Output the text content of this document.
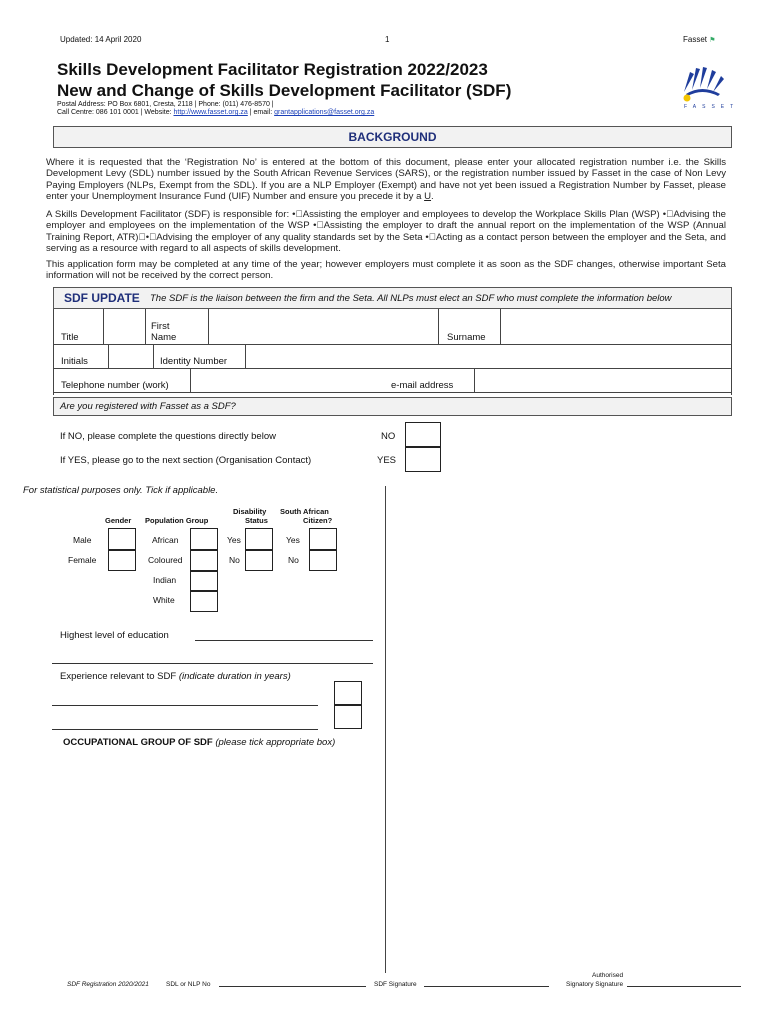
Updated: 14 April 2020	1	Fasset ⚑
Skills Development Facilitator Registration 2022/2023
New and Change of Skills Development Facilitator (SDF)
Postal Address: PO Box 6801, Cresta, 2118 | Phone: (011) 476-8570 |
Call Centre: 086 101 0001 | Website: http://www.fasset.org.za | email: grantapplications@fasset.org.za
FASSET
BACKGROUND
Where it is requested that the ‘Registration No’ is entered at the bottom of this document, please enter your allocated registration number i.e. the Skills Development Levy (SDL) number issued by the South African Revenue Services (SARS), or the registration number issued by Fasset in the case of Non Levy Paying Employers (NLPs, Exempt from the SDL). If you are a NLP Employer (Exempt) and have not yet been issued a Registration Number by Fasset, please enter your Unemployment Insurance Fund (UIF) Number and ensure you precede it by a U.
A Skills Development Facilitator (SDF) is responsible for: • Assisting the employer and employees to develop the Workplace Skills Plan (WSP) • Advising the employer and employees on the implementation of the WSP • Assisting the employer to draft the annual report on the implementation of the WSP (Annual Training Report, ATR) • Advising the employer of any quality standards set by the Seta • Acting as a contact person between the employer and the Seta, and serving as a resource with regard to all aspects of skills development.
This application form may be completed at any time of the year; however employers must complete it as soon as the SDF changes, otherwise important Seta information will not be received by the correct person.
SDF UPDATE The SDF is the liaison between the firm and the Seta. All NLPs must elect an SDF who must complete the information below
Title
First
Name	Surname
Initials	Identity Number
Telephone number (work)	e-mail address
Are you registered with Fasset as a SDF?
If NO, please complete the questions directly below
If YES, please go to the next section (Organisation Contact)
NO
YES
For statistical purposes only. Tick if applicable.
Gender Population Group
Disability
Status
South African
Citizen?
Male
Female
African
Coloured
Indian
White
Yes
No
Yes
No
Highest level of education
Experience relevant to SDF (indicate duration in years)
OCCUPATIONAL GROUP OF SDF (please tick appropriate box)
SDF Registration 2020/2021	SDL or NLP No	SDF Signature
Authorised
Signatory Signature
